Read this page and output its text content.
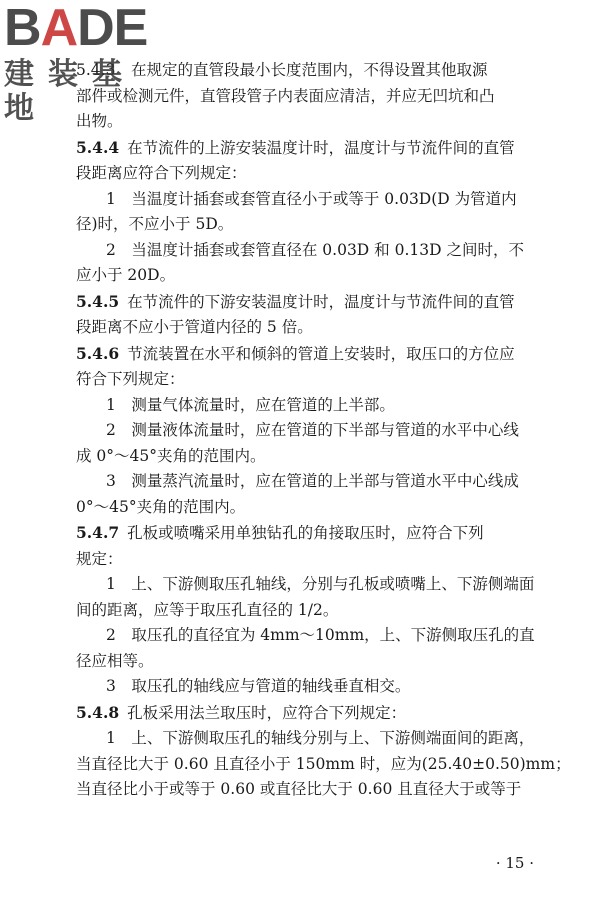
BADE
建装基地
5.4.3　在规定的直管段最小长度范围内，不得设置其他取源
部件或检测元件，直管段管子内表面应清洁，并应无凹坑和凸
出物。
5.4.4 在节流件的上游安装温度计时，温度计与节流件间的直管
段距离应符合下列规定：
1　当温度计插套或套管直径小于或等于 0.03D(D 为管道内
径)时，不应小于 5D。
2　当温度计插套或套管直径在 0.03D 和 0.13D 之间时，不
应小于 20D。
5.4.5 在节流件的下游安装温度计时，温度计与节流件间的直管
段距离不应小于管道内径的 5 倍。
5.4.6 节流装置在水平和倾斜的管道上安装时，取压口的方位应
符合下列规定：
1　测量气体流量时，应在管道的上半部。
2　测量液体流量时，应在管道的下半部与管道的水平中心线
成 0°～45°夹角的范围内。
3　测量蒸汽流量时，应在管道的上半部与管道水平中心线成
0°～45°夹角的范围内。
5.4.7 孔板或喷嘴采用单独钻孔的角接取压时，应符合下列
规定：
1　上、下游侧取压孔轴线，分别与孔板或喷嘴上、下游侧端面
间的距离，应等于取压孔直径的 1/2。
2　取压孔的直径宜为 4mm～10mm，上、下游侧取压孔的直
径应相等。
3　取压孔的轴线应与管道的轴线垂直相交。
5.4.8 孔板采用法兰取压时，应符合下列规定：
1　上、下游侧取压孔的轴线分别与上、下游侧端面间的距离，
当直径比大于 0.60 且直径小于 150mm 时，应为(25.40±0.50)mm；
当直径比小于或等于 0.60 或直径比大于 0.60 且直径大于或等于
· 15 ·
